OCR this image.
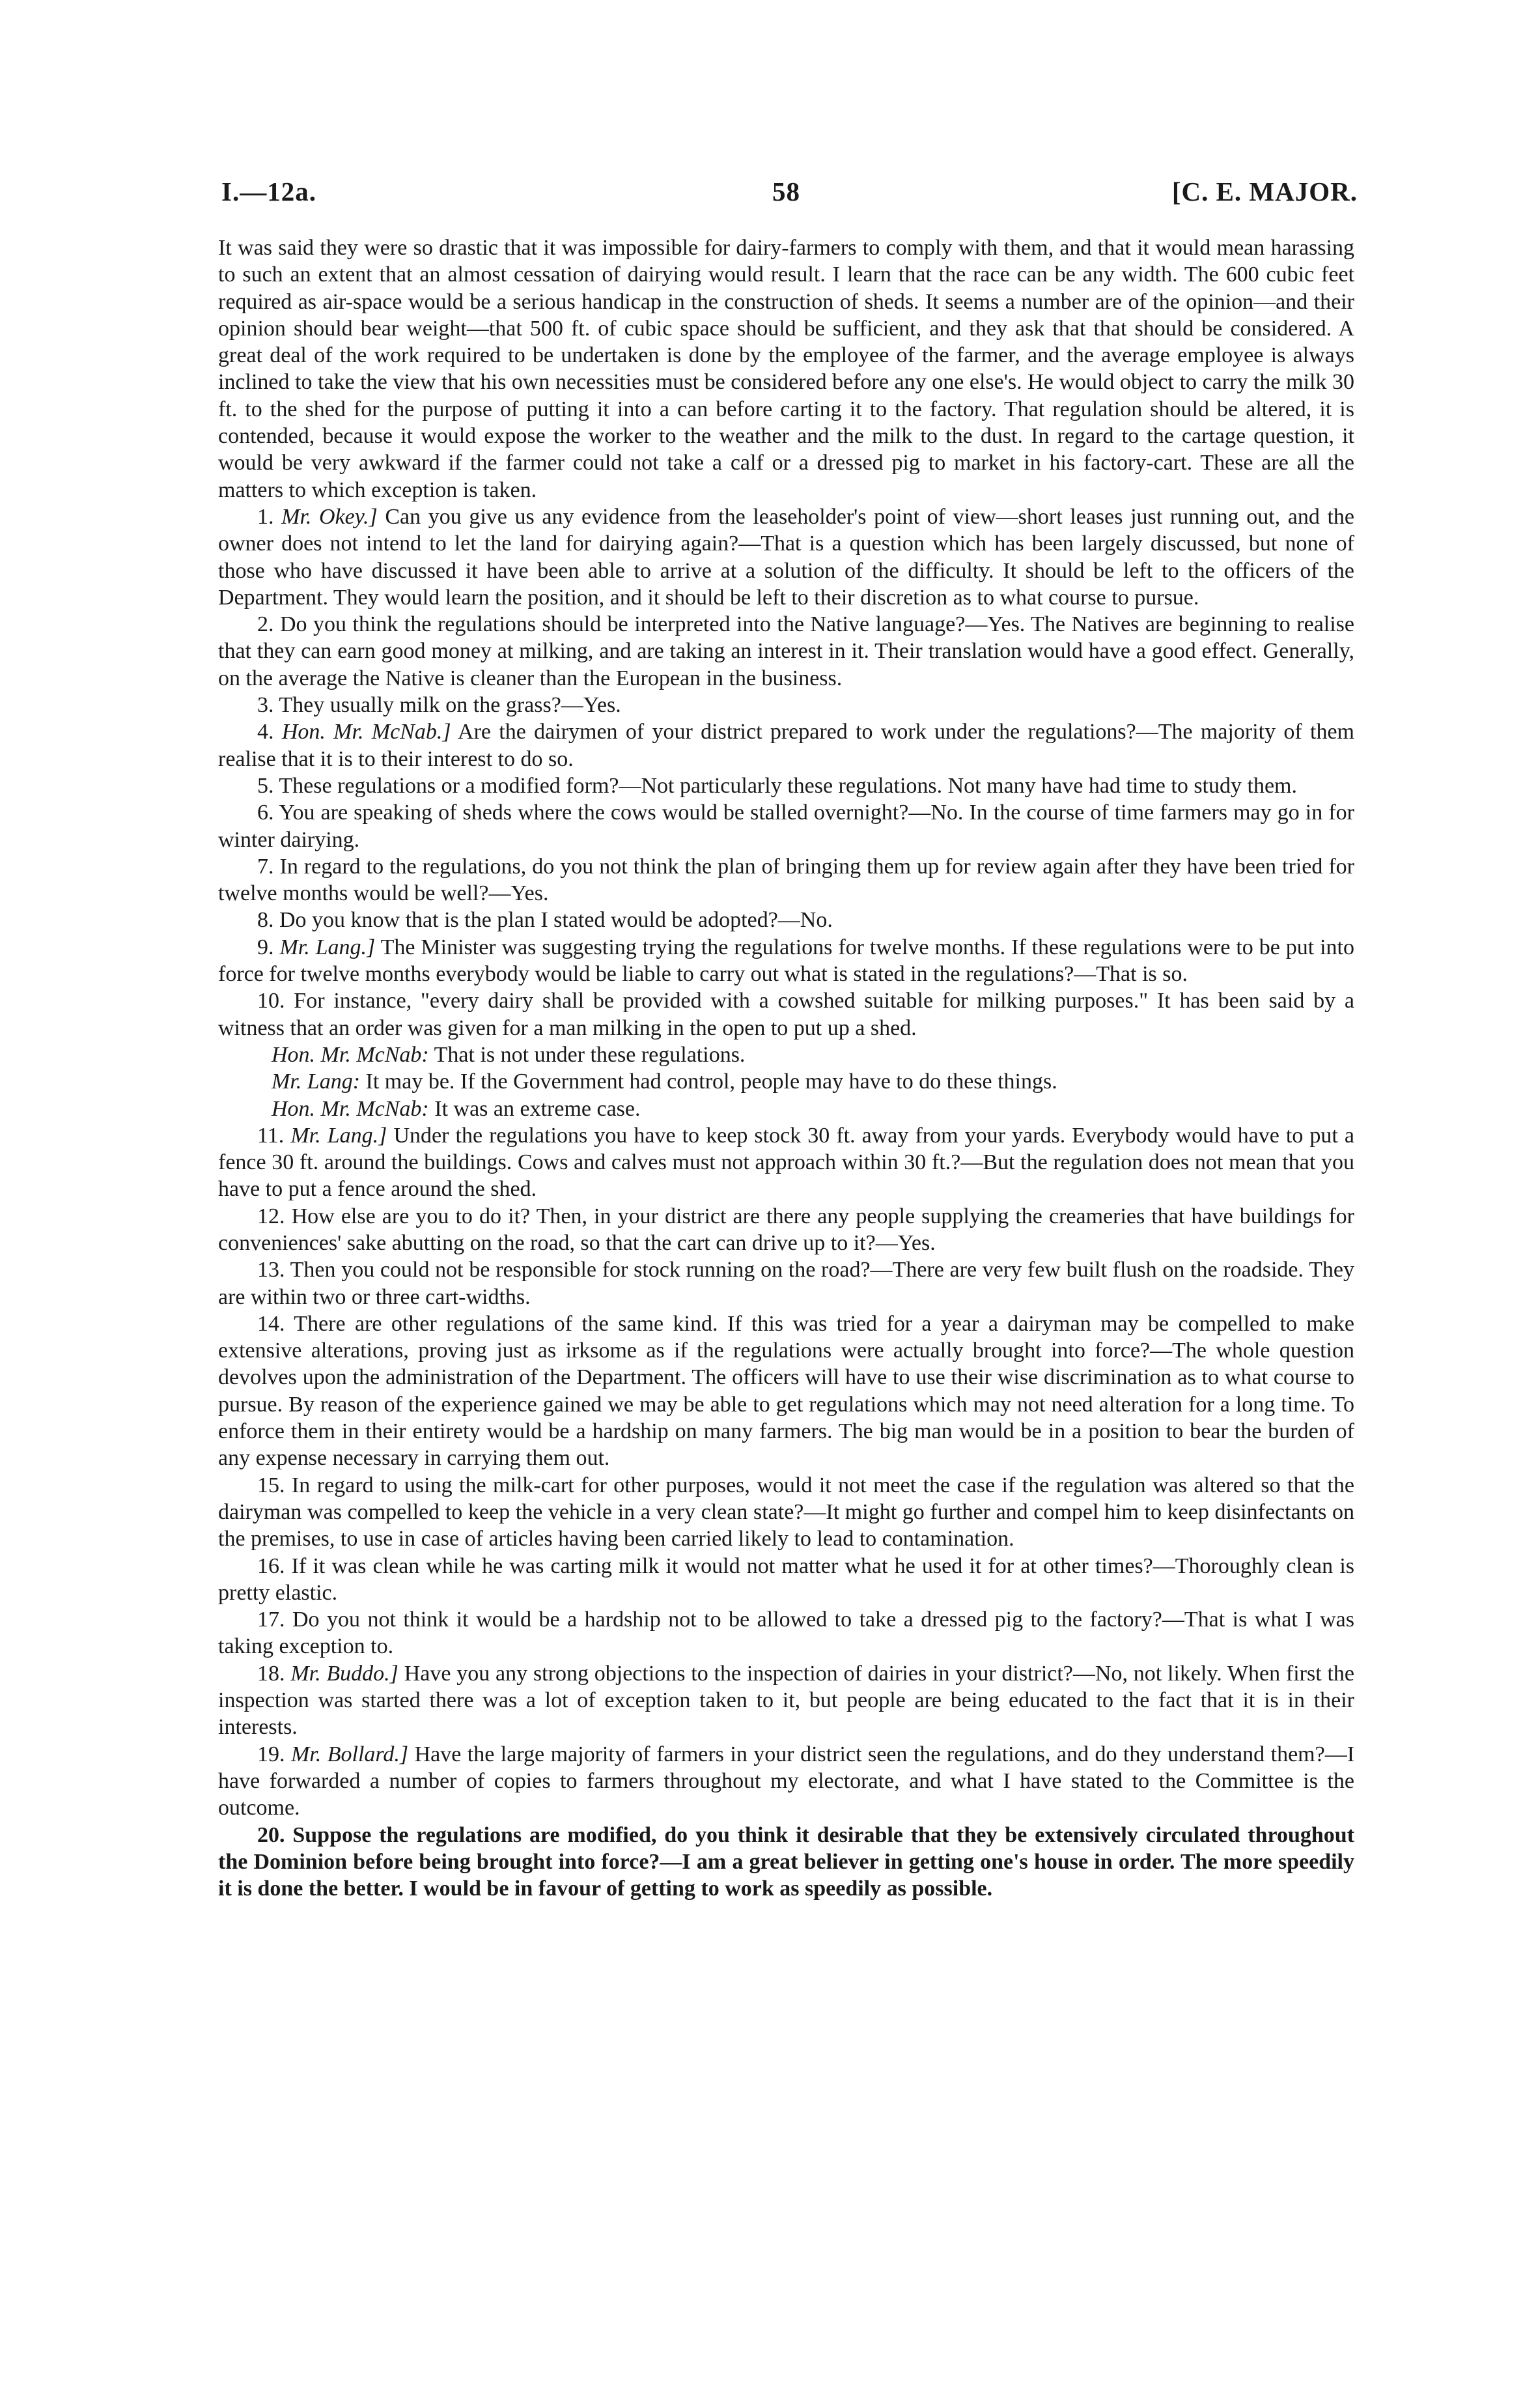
I.—12a.	58	[C. E. MAJOR.

It was said they were so drastic that it was impossible for dairy-farmers to comply with them, and that it would mean harassing to such an extent that an almost cessation of dairying would result. I learn that the race can be any width. The 600 cubic feet required as air-space would be a serious handicap in the construction of sheds. It seems a number are of the opinion—and their opinion should bear weight—that 500 ft. of cubic space should be sufficient, and they ask that that should be considered. A great deal of the work required to be undertaken is done by the employee of the farmer, and the average employee is always inclined to take the view that his own necessities must be considered before any one else's. He would object to carry the milk 30 ft. to the shed for the purpose of putting it into a can before carting it to the factory. That regulation should be altered, it is contended, because it would expose the worker to the weather and the milk to the dust. In regard to the cartage question, it would be very awkward if the farmer could not take a calf or a dressed pig to market in his factory-cart. These are all the matters to which exception is taken.

1. Mr. Okey.] Can you give us any evidence from the leaseholder's point of view—short leases just running out, and the owner does not intend to let the land for dairying again?—That is a question which has been largely discussed, but none of those who have discussed it have been able to arrive at a solution of the difficulty. It should be left to the officers of the Department. They would learn the position, and it should be left to their discretion as to what course to pursue.

2. Do you think the regulations should be interpreted into the Native language?—Yes. The Natives are beginning to realise that they can earn good money at milking, and are taking an interest in it. Their translation would have a good effect. Generally, on the average the Native is cleaner than the European in the business.

3. They usually milk on the grass?—Yes.

4. Hon. Mr. McNab.] Are the dairymen of your district prepared to work under the regulations?—The majority of them realise that it is to their interest to do so.

5. These regulations or a modified form?—Not particularly these regulations. Not many have had time to study them.

6. You are speaking of sheds where the cows would be stalled overnight?—No. In the course of time farmers may go in for winter dairying.

7. In regard to the regulations, do you not think the plan of bringing them up for review again after they have been tried for twelve months would be well?—Yes.

8. Do you know that is the plan I stated would be adopted?—No.

9. Mr. Lang.] The Minister was suggesting trying the regulations for twelve months. If these regulations were to be put into force for twelve months everybody would be liable to carry out what is stated in the regulations?—That is so.

10. For instance, "every dairy shall be provided with a cowshed suitable for milking purposes." It has been said by a witness that an order was given for a man milking in the open to put up a shed.

Hon. Mr. McNab: That is not under these regulations.

Mr. Lang: It may be. If the Government had control, people may have to do these things.

Hon. Mr. McNab: It was an extreme case.

11. Mr. Lang.] Under the regulations you have to keep stock 30 ft. away from your yards. Everybody would have to put a fence 30 ft. around the buildings. Cows and calves must not approach within 30 ft.?—But the regulation does not mean that you have to put a fence around the shed.

12. How else are you to do it? Then, in your district are there any people supplying the creameries that have buildings for conveniences' sake abutting on the road, so that the cart can drive up to it?—Yes.

13. Then you could not be responsible for stock running on the road?—There are very few built flush on the roadside. They are within two or three cart-widths.

14. There are other regulations of the same kind. If this was tried for a year a dairyman may be compelled to make extensive alterations, proving just as irksome as if the regulations were actually brought into force?—The whole question devolves upon the administration of the Department. The officers will have to use their wise discrimination as to what course to pursue. By reason of the experience gained we may be able to get regulations which may not need alteration for a long time. To enforce them in their entirety would be a hardship on many farmers. The big man would be in a position to bear the burden of any expense necessary in carrying them out.

15. In regard to using the milk-cart for other purposes, would it not meet the case if the regulation was altered so that the dairyman was compelled to keep the vehicle in a very clean state?—It might go further and compel him to keep disinfectants on the premises, to use in case of articles having been carried likely to lead to contamination.

16. If it was clean while he was carting milk it would not matter what he used it for at other times?—Thoroughly clean is pretty elastic.

17. Do you not think it would be a hardship not to be allowed to take a dressed pig to the factory?—That is what I was taking exception to.

18. Mr. Buddo.] Have you any strong objections to the inspection of dairies in your district?—No, not likely. When first the inspection was started there was a lot of exception taken to it, but people are being educated to the fact that it is in their interests.

19. Mr. Bollard.] Have the large majority of farmers in your district seen the regulations, and do they understand them?—I have forwarded a number of copies to farmers throughout my electorate, and what I have stated to the Committee is the outcome.

20. Suppose the regulations are modified, do you think it desirable that they be extensively circulated throughout the Dominion before being brought into force?—I am a great believer in getting one's house in order. The more speedily it is done the better. I would be in favour of getting to work as speedily as possible.
